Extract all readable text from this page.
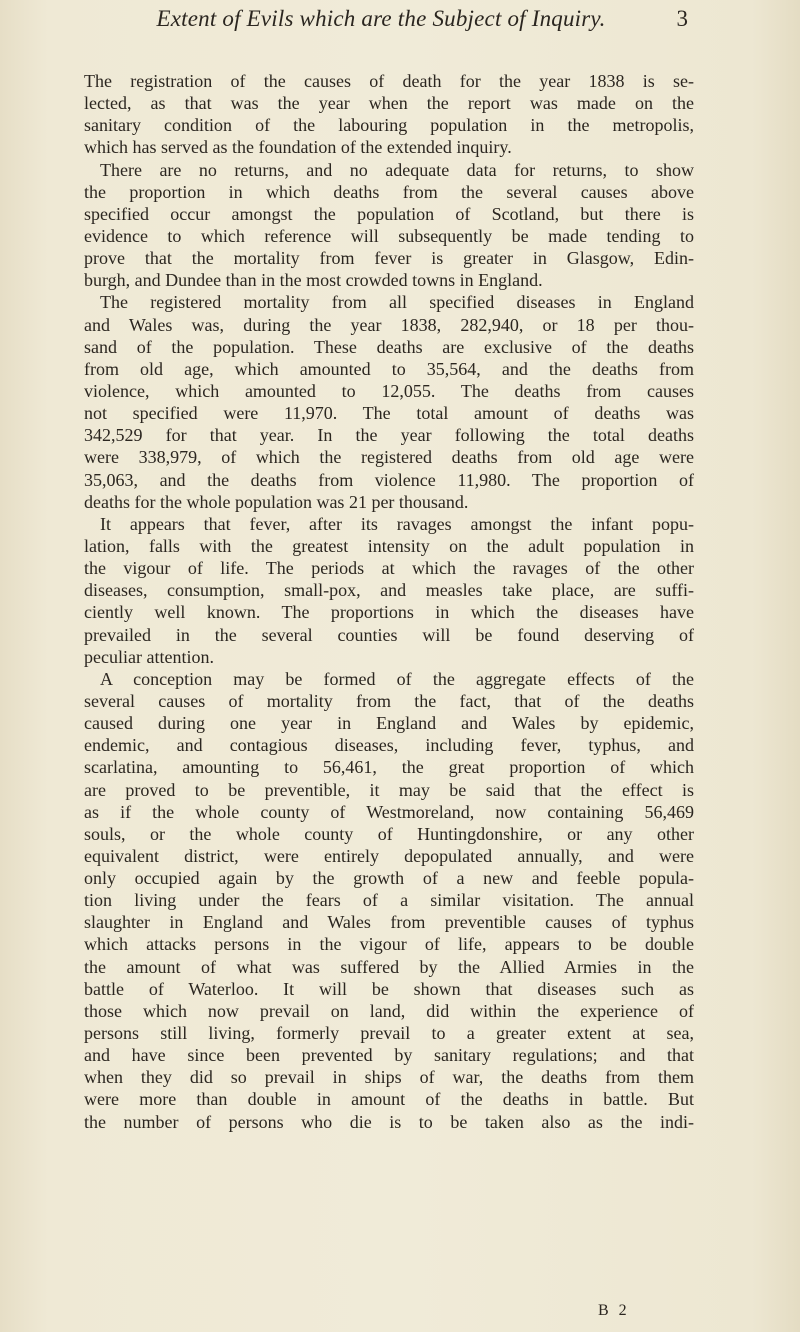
Extent of Evils which are the Subject of Inquiry.	3
The registration of the causes of death for the year 1838 is se-
lected, as that was the year when the report was made on the
sanitary condition of the labouring population in the metropolis,
which has served as the foundation of the extended inquiry.
There are no returns, and no adequate data for returns, to show
the proportion in which deaths from the several causes above
specified occur amongst the population of Scotland, but there is
evidence to which reference will subsequently be made tending to
prove that the mortality from fever is greater in Glasgow, Edin-
burgh, and Dundee than in the most crowded towns in England.
The registered mortality from all specified diseases in England
and Wales was, during the year 1838, 282,940, or 18 per thou-
sand of the population. These deaths are exclusive of the deaths
from old age, which amounted to 35,564, and the deaths from
violence, which amounted to 12,055. The deaths from causes
not specified were 11,970. The total amount of deaths was
342,529 for that year. In the year following the total deaths
were 338,979, of which the registered deaths from old age were
35,063, and the deaths from violence 11,980. The proportion of
deaths for the whole population was 21 per thousand.
It appears that fever, after its ravages amongst the infant popu-
lation, falls with the greatest intensity on the adult population in
the vigour of life. The periods at which the ravages of the other
diseases, consumption, small-pox, and measles take place, are suffi-
ciently well known. The proportions in which the diseases have
prevailed in the several counties will be found deserving of
peculiar attention.
A conception may be formed of the aggregate effects of the
several causes of mortality from the fact, that of the deaths
caused during one year in England and Wales by epidemic,
endemic, and contagious diseases, including fever, typhus, and
scarlatina, amounting to 56,461, the great proportion of which
are proved to be preventible, it may be said that the effect is
as if the whole county of Westmoreland, now containing 56,469
souls, or the whole county of Huntingdonshire, or any other
equivalent district, were entirely depopulated annually, and were
only occupied again by the growth of a new and feeble popula-
tion living under the fears of a similar visitation. The annual
slaughter in England and Wales from preventible causes of typhus
which attacks persons in the vigour of life, appears to be double
the amount of what was suffered by the Allied Armies in the
battle of Waterloo. It will be shown that diseases such as
those which now prevail on land, did within the experience of
persons still living, formerly prevail to a greater extent at sea,
and have since been prevented by sanitary regulations; and that
when they did so prevail in ships of war, the deaths from them
were more than double in amount of the deaths in battle. But
the number of persons who die is to be taken also as the indi-
B 2
